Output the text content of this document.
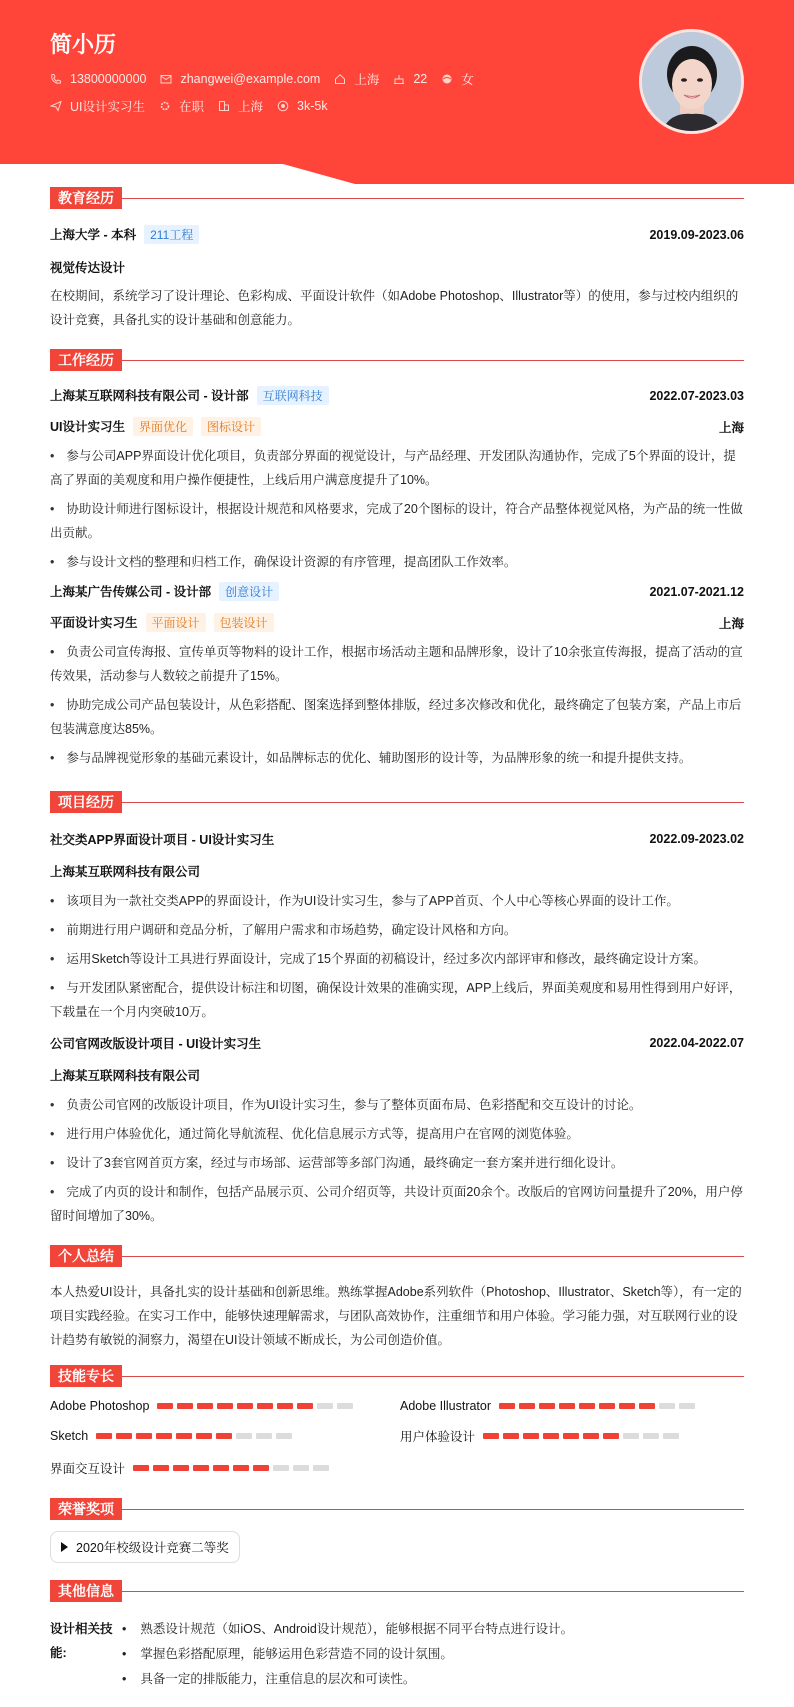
简小历
13800000000	zhangwei@example.com	上海	22	女
UI设计实习生	在职	上海	3k-5k
教育经历
上海大学 - 本科 211工程	2019.09-2023.06
视觉传达设计
在校期间，系统学习了设计理论、色彩构成、平面设计软件（如Adobe Photoshop、Illustrator等）的使用，参与过校内组织的设计竞赛，具备扎实的设计基础和创意能力。
工作经历
上海某互联网科技有限公司 - 设计部 互联网科技	2022.07-2023.03
UI设计实习生 界面优化 图标设计	上海
• 参与公司APP界面设计优化项目，负责部分界面的视觉设计，与产品经理、开发团队沟通协作，完成了5个界面的设计，提高了界面的美观度和用户操作便捷性，上线后用户满意度提升了10%。
• 协助设计师进行图标设计，根据设计规范和风格要求，完成了20个图标的设计，符合产品整体视觉风格，为产品的统一性做出贡献。
• 参与设计文档的整理和归档工作，确保设计资源的有序管理，提高团队工作效率。
上海某广告传媒公司 - 设计部 创意设计	2021.07-2021.12
平面设计实习生 平面设计 包装设计	上海
• 负责公司宣传海报、宣传单页等物料的设计工作，根据市场活动主题和品牌形象，设计了10余张宣传海报，提高了活动的宣传效果，活动参与人数较之前提升了15%。
• 协助完成公司产品包装设计，从色彩搭配、图案选择到整体排版，经过多次修改和优化，最终确定了包装方案，产品上市后包装满意度达85%。
• 参与品牌视觉形象的基础元素设计，如品牌标志的优化、辅助图形的设计等，为品牌形象的统一和提升提供支持。
项目经历
社交类APP界面设计项目 - UI设计实习生	2022.09-2023.02
上海某互联网科技有限公司
• 该项目为一款社交类APP的界面设计，作为UI设计实习生，参与了APP首页、个人中心等核心界面的设计工作。
• 前期进行用户调研和竞品分析，了解用户需求和市场趋势，确定设计风格和方向。
• 运用Sketch等设计工具进行界面设计，完成了15个界面的初稿设计，经过多次内部评审和修改，最终确定设计方案。
• 与开发团队紧密配合，提供设计标注和切图，确保设计效果的准确实现，APP上线后，界面美观度和易用性得到用户好评，下载量在一个月内突破10万。
公司官网改版设计项目 - UI设计实习生	2022.04-2022.07
上海某互联网科技有限公司
• 负责公司官网的改版设计项目，作为UI设计实习生，参与了整体页面布局、色彩搭配和交互设计的讨论。
• 进行用户体验优化，通过简化导航流程、优化信息展示方式等，提高用户在官网的浏览体验。
• 设计了3套官网首页方案，经过与市场部、运营部等多部门沟通，最终确定一套方案并进行细化设计。
• 完成了内页的设计和制作，包括产品展示页、公司介绍页等，共设计页面20余个。改版后的官网访问量提升了20%，用户停留时间增加了30%。
个人总结
本人热爱UI设计，具备扎实的设计基础和创新思维。熟练掌握Adobe系列软件（Photoshop、Illustrator、Sketch等），有一定的项目实践经验。在实习工作中，能够快速理解需求，与团队高效协作，注重细节和用户体验。学习能力强，对互联网行业的设计趋势有敏锐的洞察力，渴望在UI设计领域不断成长，为公司创造价值。
技能专长
Adobe Photoshop	Adobe Illustrator
Sketch	用户体验设计
界面交互设计
荣誉奖项
2020年校级设计竞赛二等奖
其他信息
设计相关技能:
• 熟悉设计规范（如iOS、Android设计规范），能够根据不同平台特点进行设计。
• 掌握色彩搭配原理，能够运用色彩营造不同的设计氛围。
• 具备一定的排版能力，注重信息的层次和可读性。
